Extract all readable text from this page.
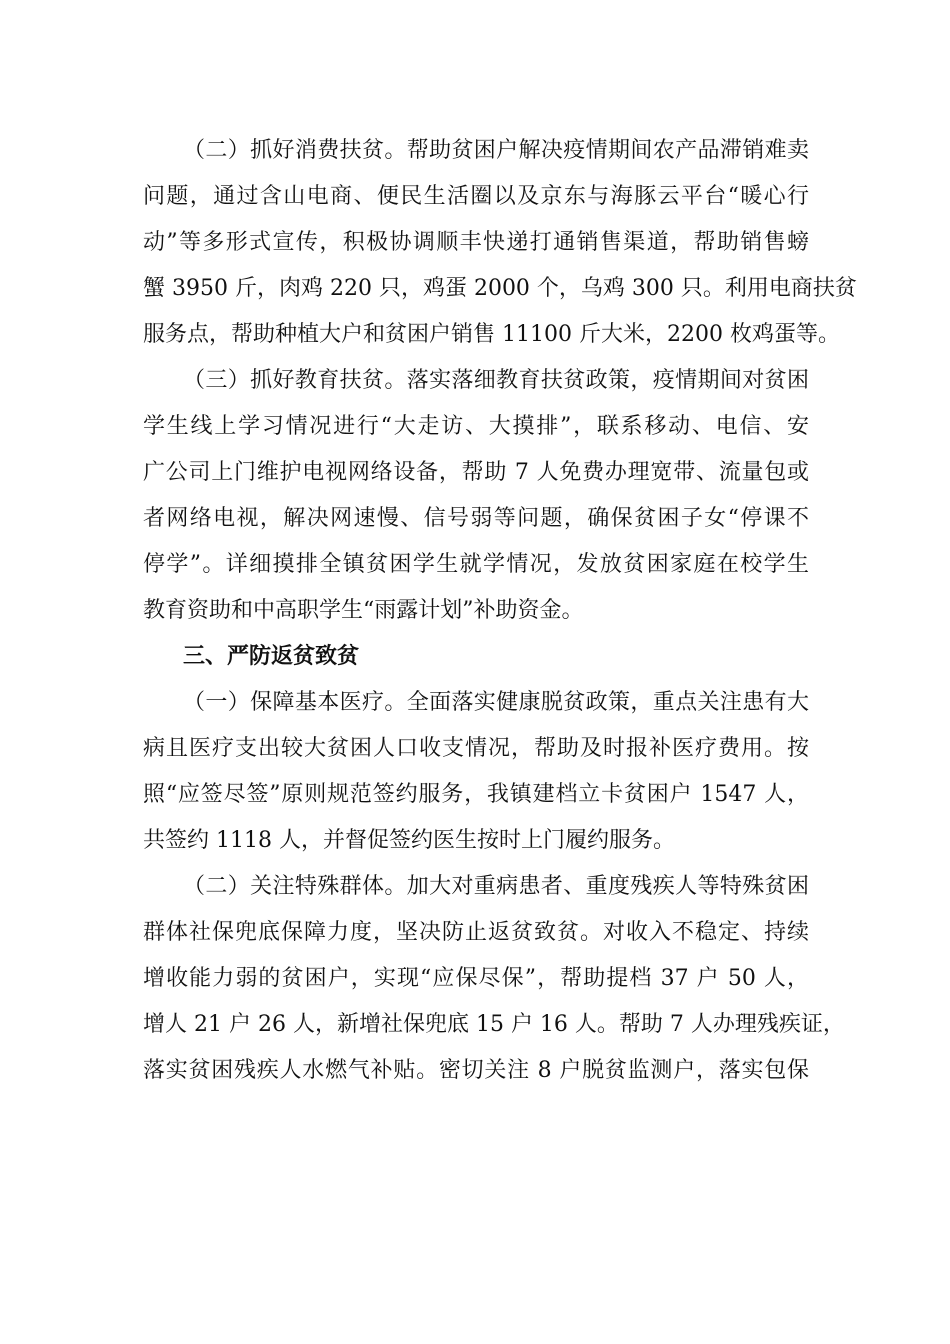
（二）抓好消费扶贫。帮助贫困户解决疫情期间农产品滞销难卖
问题，通过含山电商、便民生活圈以及京东与海豚云平台“暖心行
动”等多形式宣传，积极协调顺丰快递打通销售渠道，帮助销售螃
蟹 3950 斤，肉鸡 220 只，鸡蛋 2000 个，乌鸡 300 只。利用电商扶贫
服务点，帮助种植大户和贫困户销售 11100 斤大米，2200 枚鸡蛋等。
（三）抓好教育扶贫。落实落细教育扶贫政策，疫情期间对贫困
学生线上学习情况进行“大走访、大摸排”，联系移动、电信、安
广公司上门维护电视网络设备，帮助 7 人免费办理宽带、流量包或
者网络电视，解决网速慢、信号弱等问题，确保贫困子女“停课不
停学”。详细摸排全镇贫困学生就学情况，发放贫困家庭在校学生
教育资助和中高职学生“雨露计划”补助资金。
三、严防返贫致贫
（一）保障基本医疗。全面落实健康脱贫政策，重点关注患有大
病且医疗支出较大贫困人口收支情况，帮助及时报补医疗费用。按
照“应签尽签”原则规范签约服务，我镇建档立卡贫困户 1547 人，
共签约 1118 人，并督促签约医生按时上门履约服务。
（二）关注特殊群体。加大对重病患者、重度残疾人等特殊贫困
群体社保兜底保障力度，坚决防止返贫致贫。对收入不稳定、持续
增收能力弱的贫困户，实现“应保尽保”，帮助提档 37 户 50 人，
增人 21 户 26 人，新增社保兜底 15 户 16 人。帮助 7 人办理残疾证，
落实贫困残疾人水燃气补贴。密切关注 8 户脱贫监测户，落实包保
